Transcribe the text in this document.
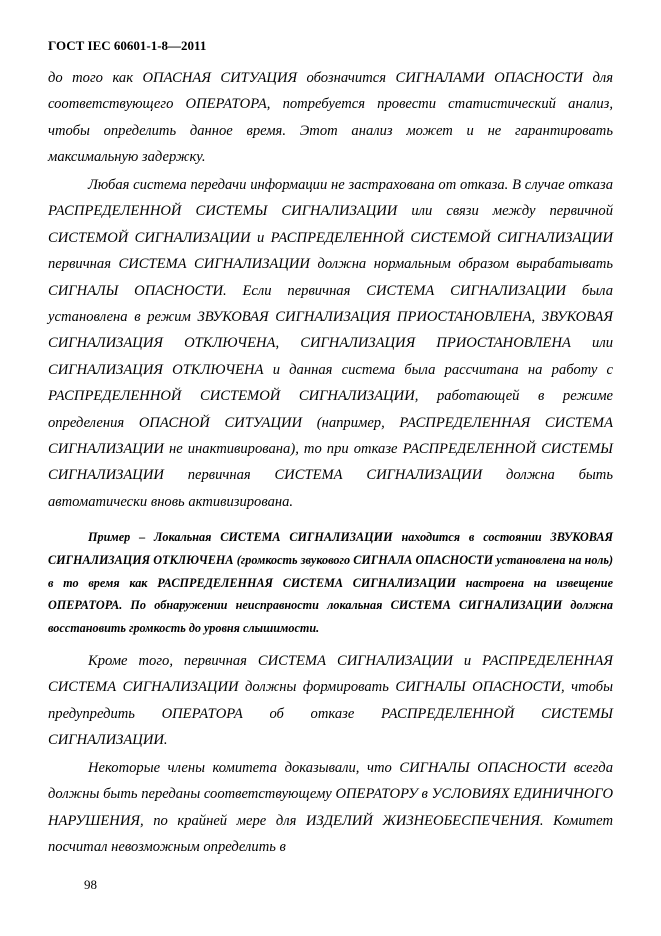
ГОСТ IEC 60601-1-8—2011

до того как ОПАСНАЯ СИТУАЦИЯ обозначится СИГНАЛАМИ ОПАСНОСТИ для соответствующего ОПЕРАТОРА, потребуется провести статистический анализ, чтобы определить данное время. Этот анализ может и не гарантировать максимальную задержку.

Любая система передачи информации не застрахована от отказа. В случае отказа РАСПРЕДЕЛЕННОЙ СИСТЕМЫ СИГНАЛИЗАЦИИ или связи между первичной СИСТЕМОЙ СИГНАЛИЗАЦИИ и РАСПРЕДЕЛЕННОЙ СИСТЕМОЙ СИГНАЛИЗАЦИИ первичная СИСТЕМА СИГНАЛИЗАЦИИ должна нормальным образом вырабатывать СИГНАЛЫ ОПАСНОСТИ. Если первичная СИСТЕМА СИГНАЛИЗАЦИИ была установлена в режим ЗВУКОВАЯ СИГНАЛИЗАЦИЯ ПРИОСТАНОВЛЕНА, ЗВУКОВАЯ СИГНАЛИЗАЦИЯ ОТКЛЮЧЕНА, СИГНАЛИЗАЦИЯ ПРИОСТАНОВЛЕНА или СИГНАЛИЗАЦИЯ ОТКЛЮЧЕНА и данная система была рассчитана на работу с РАСПРЕДЕЛЕННОЙ СИСТЕМОЙ СИГНАЛИЗАЦИИ, работающей в режиме определения ОПАСНОЙ СИТУАЦИИ (например, РАСПРЕДЕЛЕННАЯ СИСТЕМА СИГНАЛИЗАЦИИ не инактивирована), то при отказе РАСПРЕДЕЛЕННОЙ СИСТЕМЫ СИГНАЛИЗАЦИИ первичная СИСТЕМА СИГНАЛИЗАЦИИ должна быть автоматически вновь активизирована.

Пример – Локальная СИСТЕМА СИГНАЛИЗАЦИИ находится в состоянии ЗВУКОВАЯ СИГНАЛИЗАЦИЯ ОТКЛЮЧЕНА (громкость звукового СИГНАЛА ОПАСНОСТИ установлена на ноль) в то время как РАСПРЕДЕЛЕННАЯ СИСТЕМА СИГНАЛИЗАЦИИ настроена на извещение ОПЕРАТОРА. По обнаружении неисправности локальная СИСТЕМА СИГНАЛИЗАЦИИ должна восстановить громкость до уровня слышимости.

Кроме того, первичная СИСТЕМА СИГНАЛИЗАЦИИ и РАСПРЕДЕЛЕННАЯ СИСТЕМА СИГНАЛИЗАЦИИ должны формировать СИГНАЛЫ ОПАСНОСТИ, чтобы предупредить ОПЕРАТОРА об отказе РАСПРЕДЕЛЕННОЙ СИСТЕМЫ СИГНАЛИЗАЦИИ.

Некоторые члены комитета доказывали, что СИГНАЛЫ ОПАСНОСТИ всегда должны быть переданы соответствующему ОПЕРАТОРУ в УСЛОВИЯХ ЕДИНИЧНОГО НАРУШЕНИЯ, по крайней мере для ИЗДЕЛИЙ ЖИЗНЕОБЕСПЕЧЕНИЯ. Комитет посчитал невозможным определить в

98
